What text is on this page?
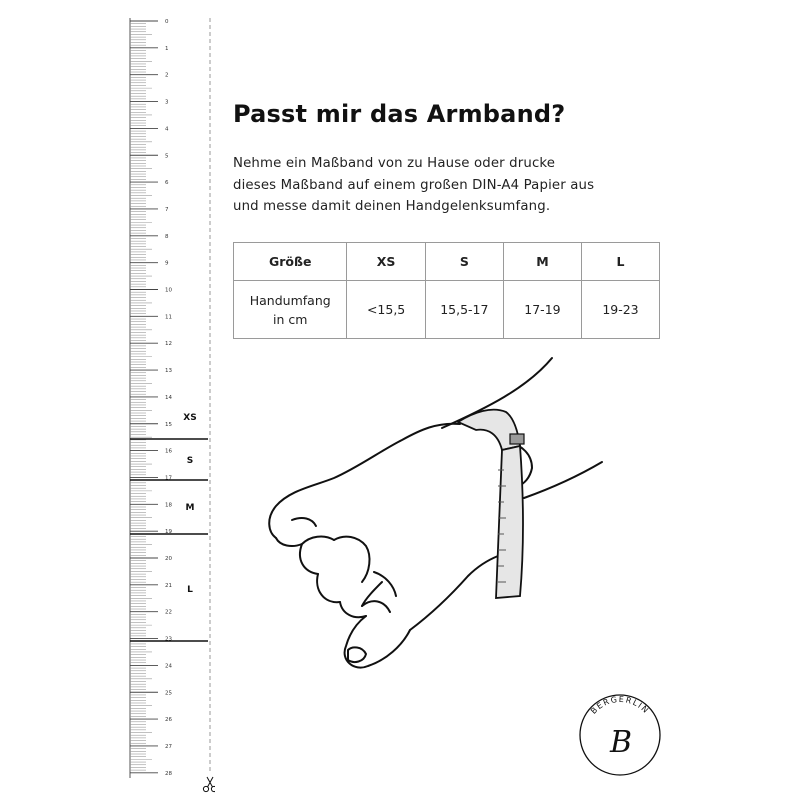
0
1
2
3
4
5
6
7
8
9
10
11
12
13
14
15
16
17
18
19
20
21
22
23
24
25
26
27
28
XS
S
M
L
Passt mir das Armband?

Nehme ein Maßband von zu Hause oder drucke
dieses Maßband auf einem großen DIN-A4 Papier aus
und messe damit deinen Handgelenksumfang.

Größe	XS	S	M	L

Handumfang
in cm	<15,5	15,5-17	17-19	19-23
BERGERLIN
B
